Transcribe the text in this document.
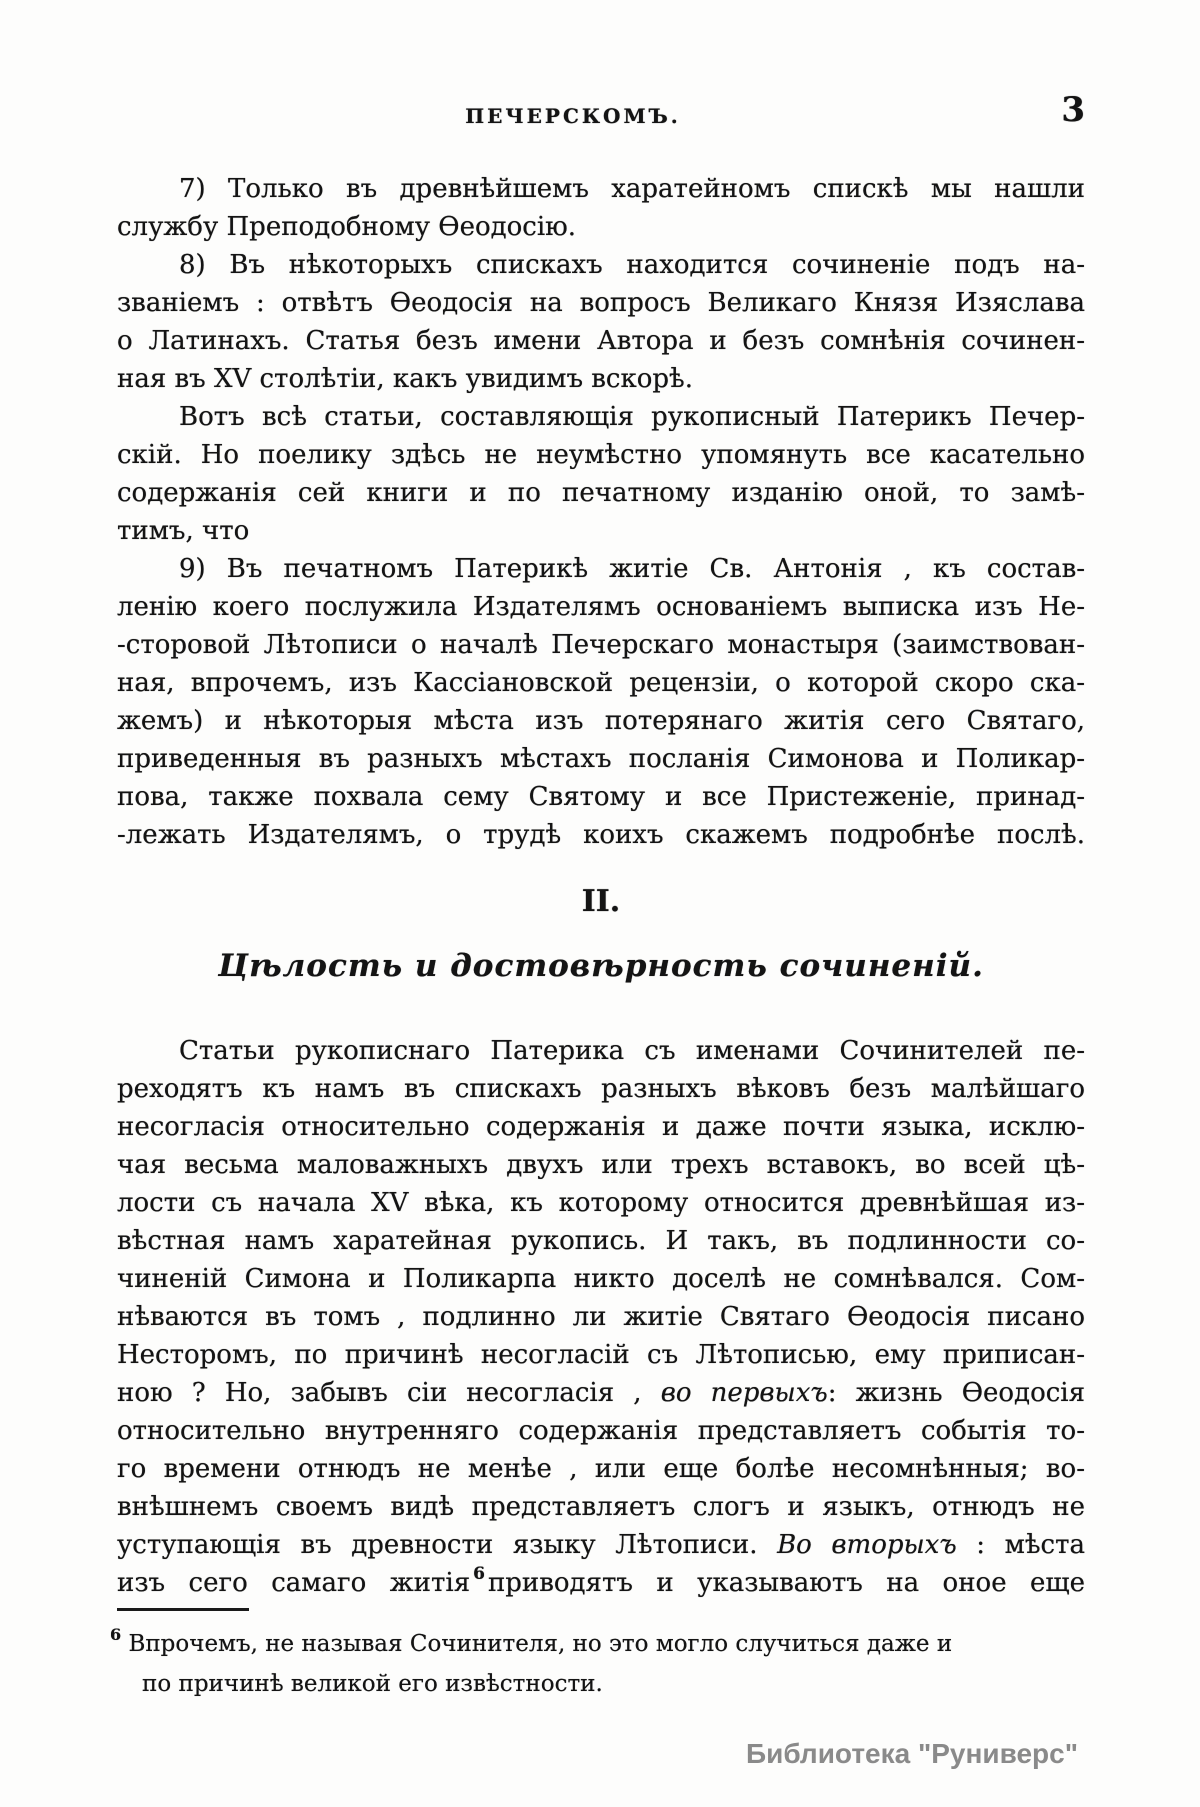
ПЕЧЕРСКОМЪ.	3
7) Только въ древнѣйшемъ харатейномъ спискѣ мы нашли
службу Преподобному Ѳеодосію.
8) Въ нѣкоторыхъ спискахъ находится сочиненіе подъ на-
званіемъ : отвѣтъ Ѳеодосія на вопросъ Великаго Князя Изяслава
о Латинахъ. Статья безъ имени Автора и безъ сомнѣнія сочинен-
ная въ XV столѣтіи, какъ увидимъ вскорѣ.
Вотъ всѣ статьи, составляющія рукописный Патерикъ Печер-
скій. Но поелику здѣсь не неумѣстно упомянуть все касательно
содержанія сей книги и по печатному изданію оной, то замѣ-
тимъ, что
9) Въ печатномъ Патерикѣ житіе Св. Антонія , къ состав-
ленію коего послужила Издателямъ основаніемъ выписка изъ Не-
-сторовой Лѣтописи о началѣ Печерскаго монастыря (заимствован-
ная, впрочемъ, изъ Кассіановской рецензіи, о которой скоро ска-
жемъ) и нѣкоторыя мѣста изъ потерянаго житія сего Святаго,
приведенныя въ разныхъ мѣстахъ посланія Симонова и Поликар-
пова, также похвала сему Святому и все Пристеженіе, принад-
-лежать Издателямъ, о трудѣ коихъ скажемъ подробнѣе послѣ.
II.
Цѣлость и достовѣрность сочиненій.
Статьи рукописнаго Патерика съ именами Сочинителей пе-
реходятъ къ намъ въ спискахъ разныхъ вѣковъ безъ малѣйшаго
несогласія относительно содержанія и даже почти языка, исклю-
чая весьма маловажныхъ двухъ или трехъ вставокъ, во всей цѣ-
лости съ начала XV вѣка, къ которому относится древнѣйшая из-
вѣстная намъ харатейная рукопись. И такъ, въ подлинности со-
чиненій Симона и Поликарпа никто доселѣ не сомнѣвался. Сом-
нѣваются въ томъ , подлинно ли житіе Святаго Ѳеодосія писано
Несторомъ, по причинѣ несогласій съ Лѣтописью, ему приписан-
ною ? Но, забывъ сіи несогласія , во первыхъ: жизнь Ѳеодосія
относительно внутренняго содержанія представляетъ событія то-
го времени отнюдъ не менѣе , или еще болѣе несомнѣнныя; во-
внѣшнемъ своемъ видѣ представляетъ слогъ и языкъ, отнюдъ не
уступающія въ древности языку Лѣтописи. Во вторыхъ : мѣста
изъ сего самаго житія $^6$ приводятъ и указываютъ на оное еще
$^6$ Впрочемъ, не называя Сочинителя, но это могло случиться даже и
по причинѣ великой его извѣстности.
Библиотека "Руниверс"
